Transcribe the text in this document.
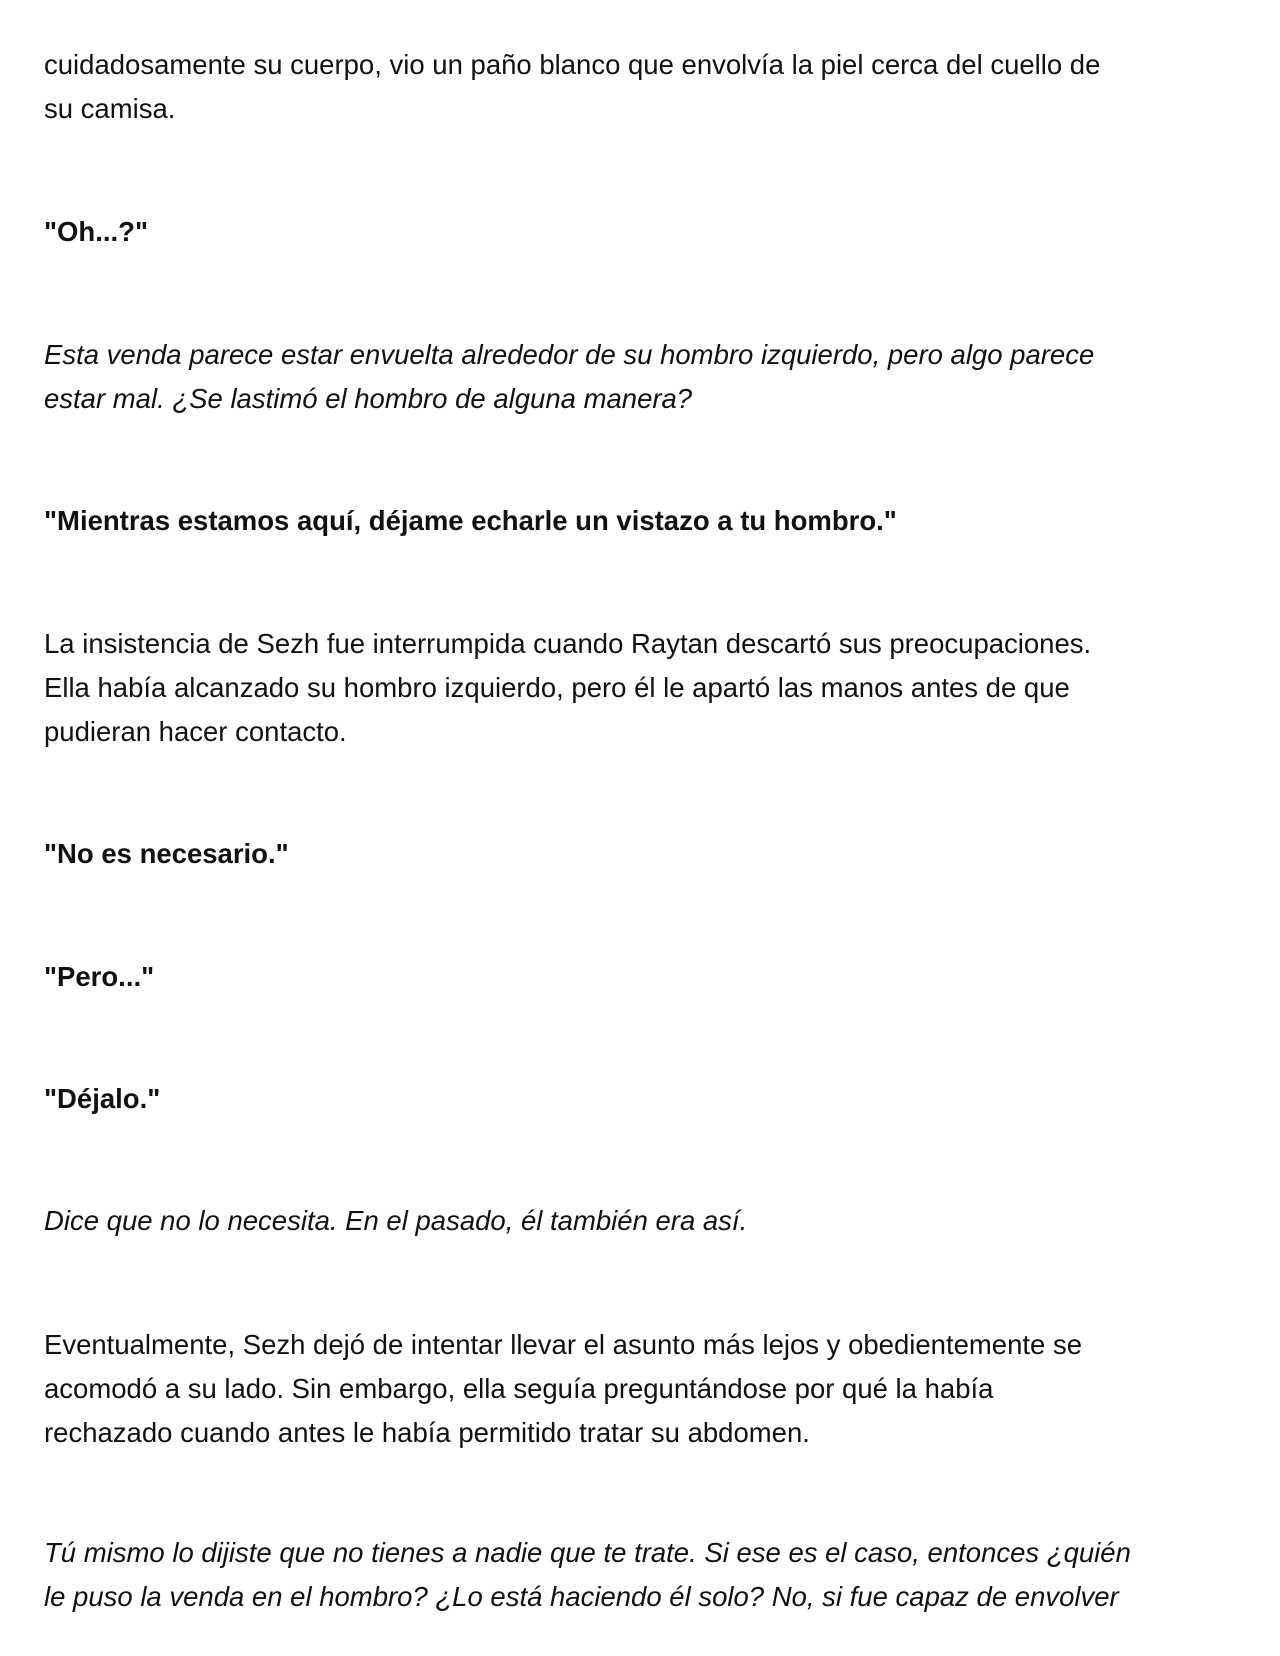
cuidadosamente su cuerpo, vio un paño blanco que envolvía la piel cerca del cuello de
su camisa.

"Oh...?"

Esta venda parece estar envuelta alrededor de su hombro izquierdo, pero algo parece
estar mal. ¿Se lastimó el hombro de alguna manera?

"Mientras estamos aquí, déjame echarle un vistazo a tu hombro."

La insistencia de Sezh fue interrumpida cuando Raytan descartó sus preocupaciones.
Ella había alcanzado su hombro izquierdo, pero él le apartó las manos antes de que
pudieran hacer contacto.

"No es necesario."

"Pero..."

"Déjalo."

Dice que no lo necesita. En el pasado, él también era así.

Eventualmente, Sezh dejó de intentar llevar el asunto más lejos y obedientemente se
acomodó a su lado. Sin embargo, ella seguía preguntándose por qué la había
rechazado cuando antes le había permitido tratar su abdomen.

Tú mismo lo dijiste que no tienes a nadie que te trate. Si ese es el caso, entonces ¿quién
le puso la venda en el hombro? ¿Lo está haciendo él solo? No, si fue capaz de envolver
